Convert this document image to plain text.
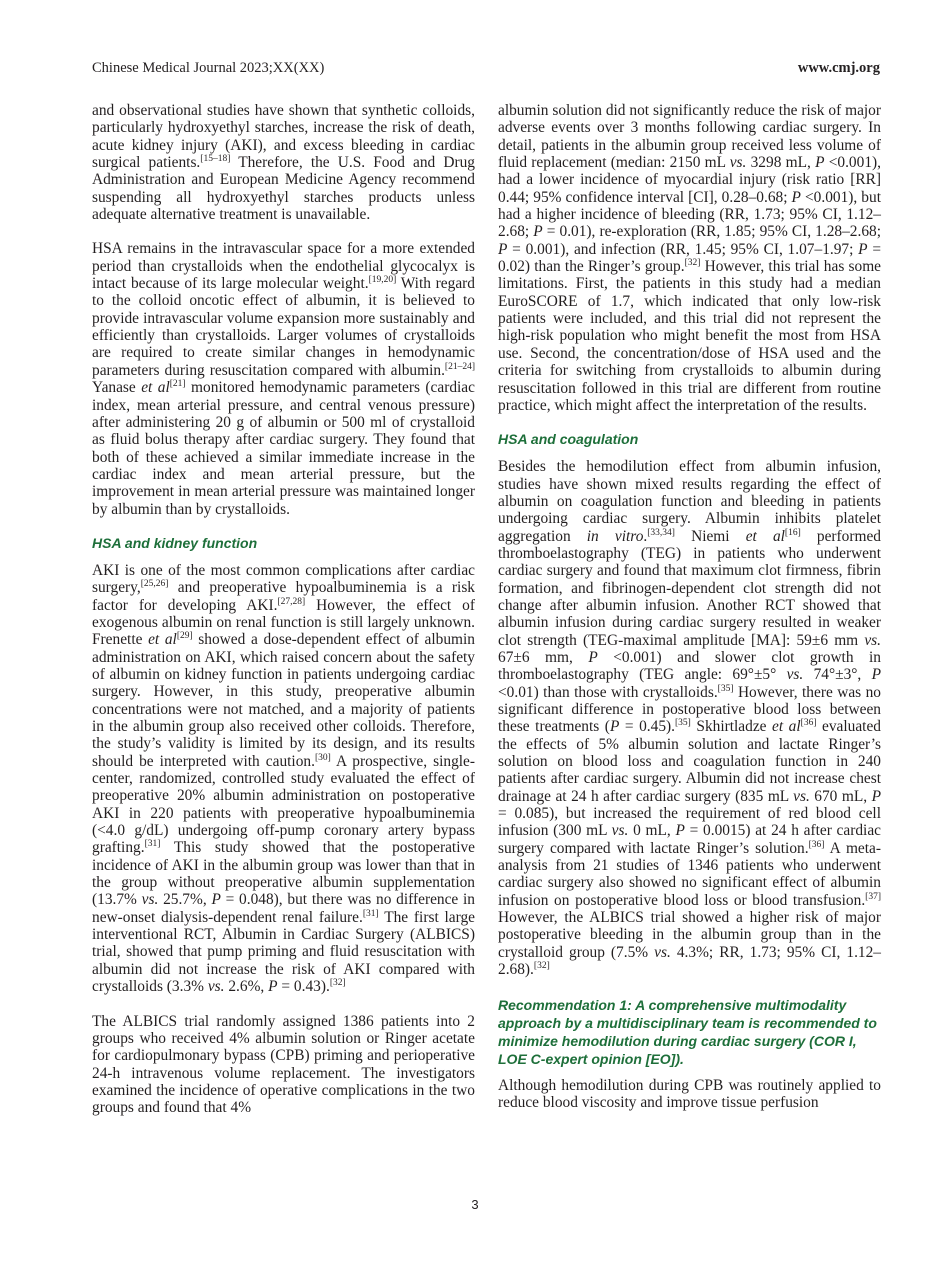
Chinese Medical Journal 2023;XX(XX)	www.cmj.org

and observational studies have shown that synthetic colloids, particularly hydroxyethyl starches, increase the risk of death, acute kidney injury (AKI), and excess bleeding in cardiac surgical patients.[15–18] Therefore, the U.S. Food and Drug Administration and European Medicine Agency recommend suspending all hydroxyethyl starches products unless adequate alternative treatment is unavailable.

HSA remains in the intravascular space for a more extended period than crystalloids when the endothelial glycocalyx is intact because of its large molecular weight.[19,20] With regard to the colloid oncotic effect of albumin, it is believed to provide intravascular volume expansion more sustainably and efficiently than crystalloids. Larger volumes of crystalloids are required to create similar changes in hemodynamic parameters during resuscitation compared with albumin.[21–24] Yanase et al[21] monitored hemodynamic parameters (cardiac index, mean arterial pressure, and central venous pressure) after administering 20 g of albumin or 500 ml of crystalloid as fluid bolus therapy after cardiac surgery. They found that both of these achieved a similar immediate increase in the cardiac index and mean arterial pressure, but the improvement in mean arterial pressure was maintained longer by albumin than by crystalloids.

HSA and kidney function

AKI is one of the most common complications after cardiac surgery,[25,26] and preoperative hypoalbuminemia is a risk factor for developing AKI.[27,28] However, the effect of exogenous albumin on renal function is still largely unknown. Frenette et al[29] showed a dose-dependent effect of albumin administration on AKI, which raised concern about the safety of albumin on kidney function in patients undergoing cardiac surgery. However, in this study, preoperative albumin concentrations were not matched, and a majority of patients in the albumin group also received other colloids. Therefore, the study’s validity is limited by its design, and its results should be interpreted with caution.[30] A prospective, single-center, randomized, controlled study evaluated the effect of preoperative 20% albumin administration on postoperative AKI in 220 patients with preoperative hypoalbuminemia (<4.0 g/dL) undergoing off-pump coronary artery bypass grafting.[31] This study showed that the postoperative incidence of AKI in the albumin group was lower than that in the group without preoperative albumin supplementation (13.7% vs. 25.7%, P = 0.048), but there was no difference in new-onset dialysis-dependent renal failure.[31] The first large interventional RCT, Albumin in Cardiac Surgery (ALBICS) trial, showed that pump priming and fluid resuscitation with albumin did not increase the risk of AKI compared with crystalloids (3.3% vs. 2.6%, P = 0.43).[32]

The ALBICS trial randomly assigned 1386 patients into 2 groups who received 4% albumin solution or Ringer acetate for cardiopulmonary bypass (CPB) priming and perioperative 24-h intravenous volume replacement. The investigators examined the incidence of operative complications in the two groups and found that 4%

albumin solution did not significantly reduce the risk of major adverse events over 3 months following cardiac surgery. In detail, patients in the albumin group received less volume of fluid replacement (median: 2150 mL vs. 3298 mL, P <0.001), had a lower incidence of myocardial injury (risk ratio [RR] 0.44; 95% confidence interval [CI], 0.28–0.68; P <0.001), but had a higher incidence of bleeding (RR, 1.73; 95% CI, 1.12–2.68; P = 0.01), re-exploration (RR, 1.85; 95% CI, 1.28–2.68; P = 0.001), and infection (RR, 1.45; 95% CI, 1.07–1.97; P = 0.02) than the Ringer’s group.[32] However, this trial has some limitations. First, the patients in this study had a median EuroSCORE of 1.7, which indicated that only low-risk patients were included, and this trial did not represent the high-risk population who might benefit the most from HSA use. Second, the concentration/dose of HSA used and the criteria for switching from crystalloids to albumin during resuscitation followed in this trial are different from routine practice, which might affect the interpretation of the results.

HSA and coagulation

Besides the hemodilution effect from albumin infusion, studies have shown mixed results regarding the effect of albumin on coagulation function and bleeding in patients undergoing cardiac surgery. Albumin inhibits platelet aggregation in vitro.[33,34] Niemi et al[16] performed thromboelastography (TEG) in patients who underwent cardiac surgery and found that maximum clot firmness, fibrin formation, and fibrinogen-dependent clot strength did not change after albumin infusion. Another RCT showed that albumin infusion during cardiac surgery resulted in weaker clot strength (TEG-maximal amplitude [MA]: 59±6 mm vs. 67±6 mm, P <0.001) and slower clot growth in thromboelastography (TEG angle: 69°±5° vs. 74°±3°, P <0.01) than those with crystalloids.[35] However, there was no significant difference in postoperative blood loss between these treatments (P = 0.45).[35] Skhirtladze et al[36] evaluated the effects of 5% albumin solution and lactate Ringer’s solution on blood loss and coagulation function in 240 patients after cardiac surgery. Albumin did not increase chest drainage at 24 h after cardiac surgery (835 mL vs. 670 mL, P = 0.085), but increased the requirement of red blood cell infusion (300 mL vs. 0 mL, P = 0.0015) at 24 h after cardiac surgery compared with lactate Ringer’s solution.[36] A meta-analysis from 21 studies of 1346 patients who underwent cardiac surgery also showed no significant effect of albumin infusion on postoperative blood loss or blood transfusion.[37] However, the ALBICS trial showed a higher risk of major postoperative bleeding in the albumin group than in the crystalloid group (7.5% vs. 4.3%; RR, 1.73; 95% CI, 1.12–2.68).[32]

Recommendation 1: A comprehensive multimodality approach by a multidisciplinary team is recommended to minimize hemodilution during cardiac surgery (COR I, LOE C-expert opinion [EO]).

Although hemodilution during CPB was routinely applied to reduce blood viscosity and improve tissue perfusion

3
